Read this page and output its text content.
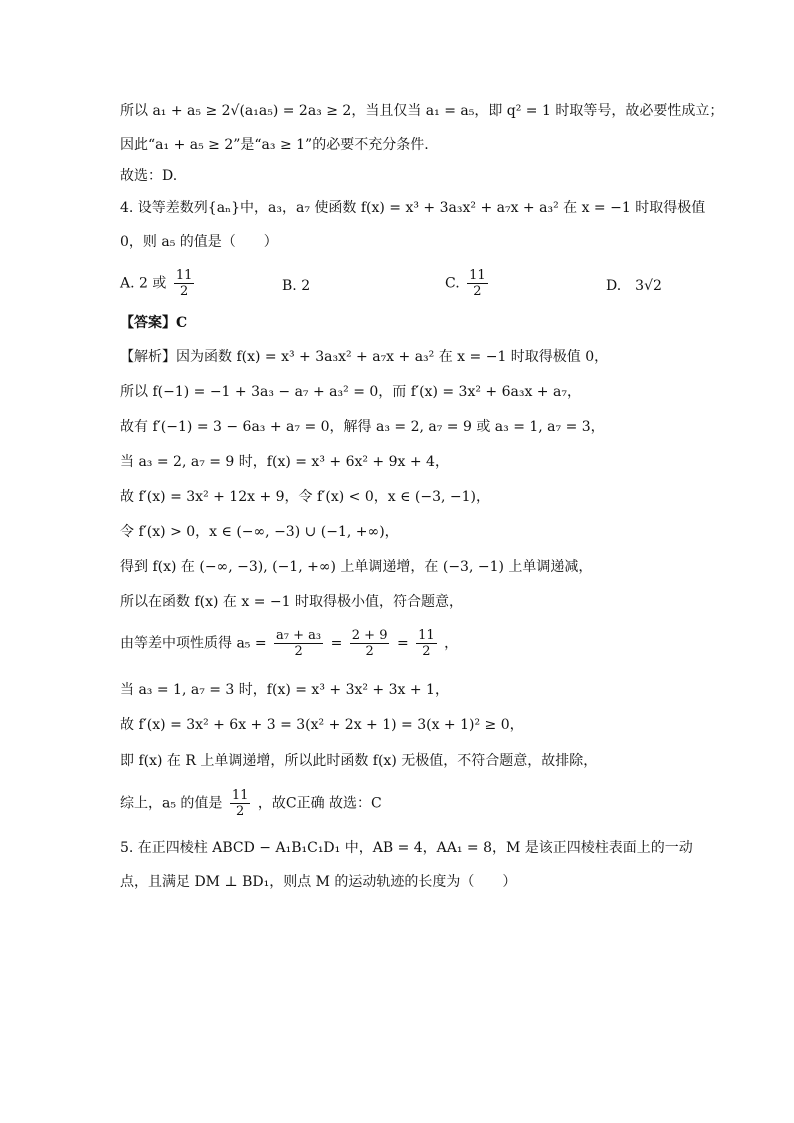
所以 a₁ + a₅ ≥ 2√(a₁a₅) = 2a₃ ≥ 2，当且仅当 a₁ = a₅，即 q² = 1 时取等号，故必要性成立；
因此“a₁ + a₅ ≥ 2”是“a₃ ≥ 1”的必要不充分条件.
故选：D.
4. 设等差数列{aₙ}中，a₃，a₇ 使函数 f(x) = x³ + 3a₃x² + a₇x + a₃² 在 x = −1 时取得极值
0，则 a₅ 的值是（　　）
A. 2 或 $\frac{11}{2}$	B. 2	C. $\frac{11}{2}$	D.　3√2
【答案】C
【解析】因为函数 f(x) = x³ + 3a₃x² + a₇x + a₃² 在 x = −1 时取得极值 0，
所以 f(−1) = −1 + 3a₃ − a₇ + a₃² = 0，而 f′(x) = 3x² + 6a₃x + a₇，
故有 f′(−1) = 3 − 6a₃ + a₇ = 0，解得 a₃ = 2, a₇ = 9 或 a₃ = 1, a₇ = 3，
当 a₃ = 2, a₇ = 9 时，f(x) = x³ + 6x² + 9x + 4，
故 f′(x) = 3x² + 12x + 9，令 f′(x) < 0，x ∈ (−3, −1)，
令 f′(x) > 0，x ∈ (−∞, −3) ∪ (−1, +∞)，
得到 f(x) 在 (−∞, −3), (−1, +∞) 上单调递增，在 (−3, −1) 上单调递减，
所以在函数 f(x) 在 x = −1 时取得极小值，符合题意，
由等差中项性质得 $a_5 = \frac{\text{a₇ + a₃}}{2} = \frac{2 + 9}{2} = \frac{11}{2}$ ，
当 a₃ = 1, a₇ = 3 时，f(x) = x³ + 3x² + 3x + 1，
故 f′(x) = 3x² + 6x + 3 = 3(x² + 2x + 1) = 3(x + 1)² ≥ 0，
即 f(x) 在 R 上单调递增，所以此时函数 f(x) 无极值，不符合题意，故排除，
综上，a₅ 的值是 $\frac{11}{2}$ ，故C正确 故选：C
5. 在正四棱柱 ABCD − A₁B₁C₁D₁ 中，AB = 4，AA₁ = 8，M 是该正四棱柱表面上的一动
点，且满足 DM ⊥ BD₁，则点 M 的运动轨迹的长度为（　　）
